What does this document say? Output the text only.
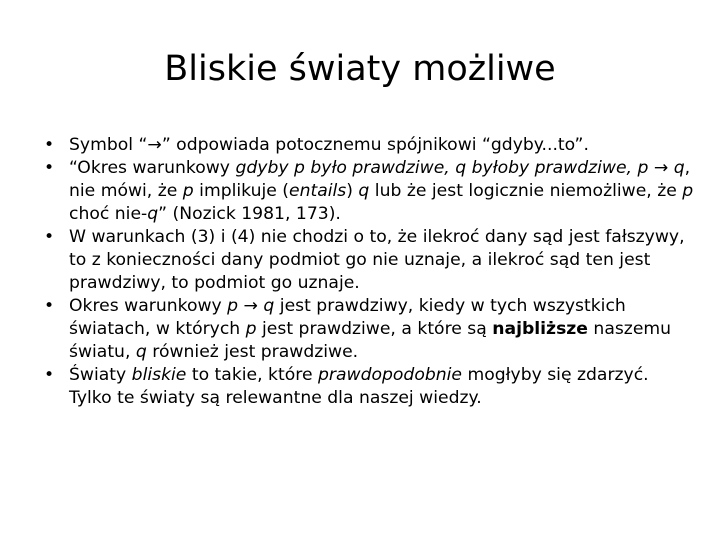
Bliskie światy możliwe
• Symbol “→” odpowiada potocznemu spójnikowi “gdyby...to”.
• “Okres warunkowy gdyby p było prawdziwe, q byłoby prawdziwe, p → q, nie mówi, że p implikuje (entails) q lub że jest logicznie niemożliwe, że p choć nie-q” (Nozick 1981, 173).
• W warunkach (3) i (4) nie chodzi o to, że ilekroć dany sąd jest fałszywy, to z konieczności dany podmiot go nie uznaje, a ilekroć sąd ten jest prawdziwy, to podmiot go uznaje.
• Okres warunkowy p → q jest prawdziwy, kiedy w tych wszystkich światach, w których p jest prawdziwe, a które są najbliższe naszemu światu, q również jest prawdziwe.
• Światy bliskie to takie, które prawdopodobnie mogłyby się zdarzyć. Tylko te światy są relewantne dla naszej wiedzy.
